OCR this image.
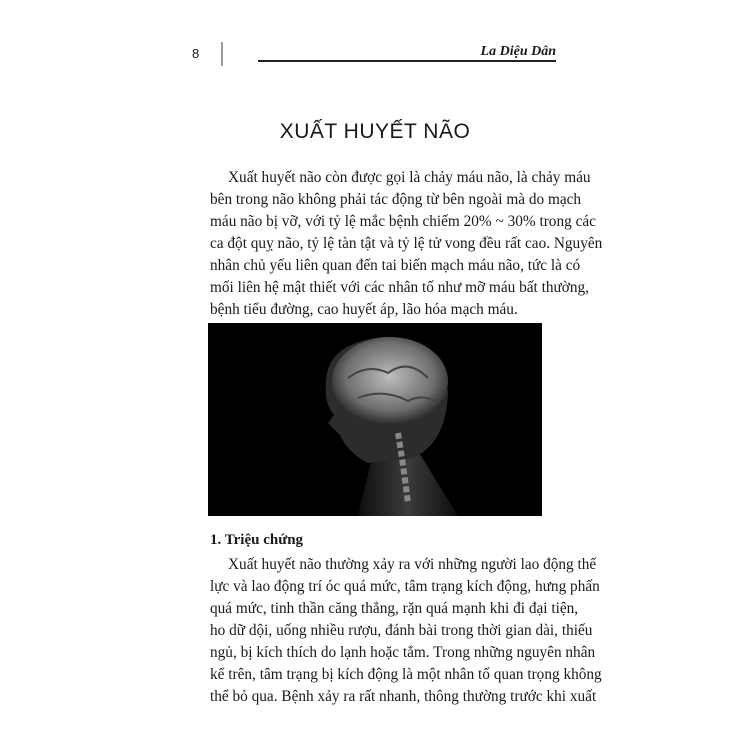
8	La Diệu Dân
XUẤT HUYẾT NÃO
Xuất huyết não còn được gọi là chảy máu não, là chảy máu
bên trong não không phải tác động từ bên ngoài mà do mạch
máu não bị vỡ, với tỷ lệ mắc bệnh chiếm 20% ~ 30% trong các
ca đột quỵ não, tỷ lệ tàn tật và tỷ lệ tử vong đều rất cao. Nguyên
nhân chủ yếu liên quan đến tai biến mạch máu não, tức là có
mối liên hệ mật thiết với các nhân tố như mỡ máu bất thường,
bệnh tiểu đường, cao huyết áp, lão hóa mạch máu.
1. Triệu chứng
Xuất huyết não thường xảy ra với những người lao động thể
lực và lao động trí óc quá mức, tâm trạng kích động, hưng phấn
quá mức, tinh thần căng thẳng, rặn quá mạnh khi đi đại tiện,
ho dữ dội, uống nhiều rượu, đánh bài trong thời gian dài, thiếu
ngủ, bị kích thích do lạnh hoặc tắm. Trong những nguyên nhân
kể trên, tâm trạng bị kích động là một nhân tố quan trọng không
thể bỏ qua. Bệnh xảy ra rất nhanh, thông thường trước khi xuất
